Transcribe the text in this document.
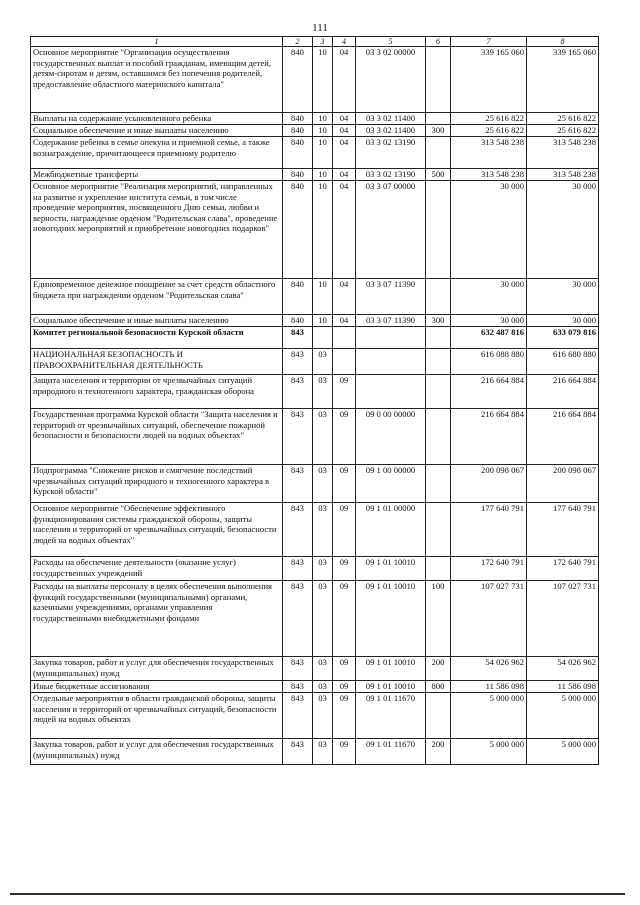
111
1	2	3	4	5	6	7	8
Основное мероприятие "Организация осуществления государственных выплат и пособий гражданам, имеющим детей, детям-сиротам и детям, оставшимся без попечения родителей, предоставление областного материнского капитала"	840	10	04	03 3 02 00000		339 165 060	339 165 060
Выплаты на содержание усыновленного ребенка	840	10	04	03 3 02 11400		25 616 822	25 616 822
Социальное обеспечение и иные выплаты населению	840	10	04	03 3 02 11400	300	25 616 822	25 616 822
Содержание ребенка в семье опекуна и приемной семье, а также вознаграждение, причитающееся приемному родителю	840	10	04	03 3 02 13190		313 548 238	313 548 238
Межбюджетные трансферты	840	10	04	03 3 02 13190	500	313 548 238	313 548 238
Основное мероприятие "Реализация мероприятий, направленных на развитие и укрепление института семьи, в том числе проведение мероприятия, посвященного Дню семьи, любви и верности, награждение орденом "Родительская слава", проведение новогодних мероприятий и приобретение новогодних подарков"	840	10	04	03 3 07 00000		30 000	30 000
Единовременное денежное поощрение за счет средств областного бюджета при награждении орденом "Родительская слава"	840	10	04	03 3 07 11390		30 000	30 000
Социальное обеспечение и иные выплаты населению	840	10	04	03 3 07 11390	300	30 000	30 000
Комитет региональной безопасности Курской области	843					632 487 816	633 079 816
НАЦИОНАЛЬНАЯ БЕЗОПАСНОСТЬ И ПРАВООХРАНИТЕЛЬНАЯ ДЕЯТЕЛЬНОСТЬ	843	03				616 088 880	616 680 880
Защита населения и территории от чрезвычайных ситуаций природного и техногенного характера, гражданская оборона	843	03	09			216 664 884	216 664 884
Государственная программа Курской области "Защита населения и территорий от чрезвычайных ситуаций, обеспечение пожарной безопасности и безопасности людей на водных объектах"	843	03	09	09 0 00 00000		216 664 884	216 664 884
Подпрограмма "Снижение рисков и смягчение последствий чрезвычайных ситуаций природного и техногенного характера в Курской области"	843	03	09	09 1 00 00000		200 098 067	200 098 067
Основное мероприятие "Обеспечение эффективного функционирования системы гражданской обороны, защиты населения и территорий от чрезвычайных ситуаций, безопасности людей на водных объектах"	843	03	09	09 1 01 00000		177 640 791	177 640 791
Расходы на обеспечение деятельности (оказание услуг) государственных учреждений	843	03	09	09 1 01 10010		172 640 791	172 640 791
Расходы на выплаты персоналу в целях обеспечения выполнения функций государственными (муниципальными) органами, казенными учреждениями, органами управления государственными внебюджетными фондами	843	03	09	09 1 01 10010	100	107 027 731	107 027 731
Закупка товаров, работ и услуг для обеспечения государственных (муниципальных) нужд	843	03	09	09 1 01 10010	200	54 026 962	54 026 962
Иные бюджетные ассигнования	843	03	09	09 1 01 10010	800	11 586 098	11 586 098
Отдельные мероприятия в области гражданской обороны, защиты населения и территорий от чрезвычайных ситуаций, безопасности людей на водных объектах	843	03	09	09 1 01 11670		5 000 000	5 000 000
Закупка товаров, работ и услуг для обеспечения государственных (муниципальных) нужд	843	03	09	09 1 01 11670	200	5 000 000	5 000 000
